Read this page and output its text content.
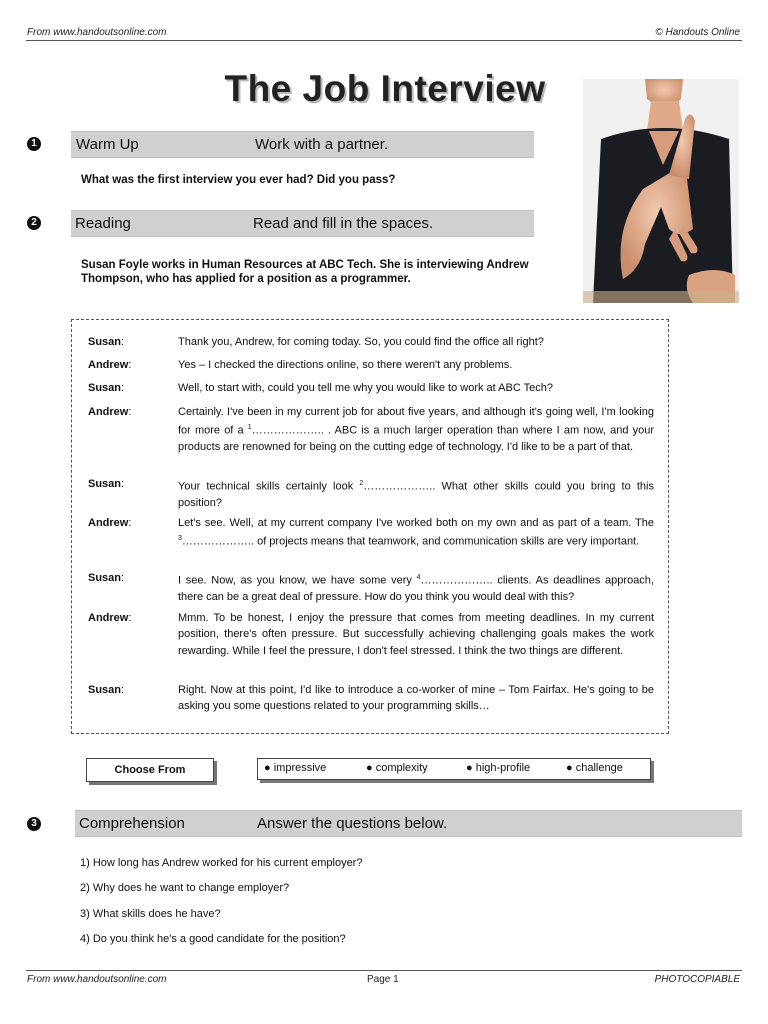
From www.handoutsonline.com	© Handouts Online
The Job Interview
1	Warm Up	Work with a partner.
What was the first interview you ever had? Did you pass?
2	Reading	Read and fill in the spaces.
Susan Foyle works in Human Resources at ABC Tech. She is interviewing Andrew Thompson, who has applied for a position as a programmer.
Susan:	Thank you, Andrew, for coming today. So, you could find the office all right?
Andrew:	Yes – I checked the directions online, so there weren't any problems.
Susan:	Well, to start with, could you tell me why you would like to work at ABC Tech?
Andrew:	Certainly. I've been in my current job for about five years, and although it's going well, I'm looking for more of a $^1$……………….. . ABC is a much larger operation than where I am now, and your products are renowned for being on the cutting edge of technology. I'd like to be a part of that.
Susan:	Your technical skills certainly look $^2$……………….. What other skills could you bring to this position?
Andrew:	Let's see. Well, at my current company I've worked both on my own and as part of a team. The $^3$……………….. of projects means that teamwork, and communication skills are very important.
Susan:	I see. Now, as you know, we have some very $^4$……………….. clients. As deadlines approach, there can be a great deal of pressure. How do you think you would deal with this?
Andrew:	Mmm. To be honest, I enjoy the pressure that comes from meeting deadlines. In my current position, there's often pressure. But successfully achieving challenging goals makes the work rewarding. While I feel the pressure, I don't feel stressed. I think the two things are different.
Susan:	Right. Now at this point, I'd like to introduce a co-worker of mine – Tom Fairfax. He's going to be asking you some questions related to your programming skills…
Choose From	● impressive	● complexity	● high-profile	● challenge
3	Comprehension	Answer the questions below.
1) How long has Andrew worked for his current employer?
2) Why does he want to change employer?
3) What skills does he have?
4) Do you think he's a good candidate for the position?
From www.handoutsonline.com	Page 1	PHOTOCOPIABLE
